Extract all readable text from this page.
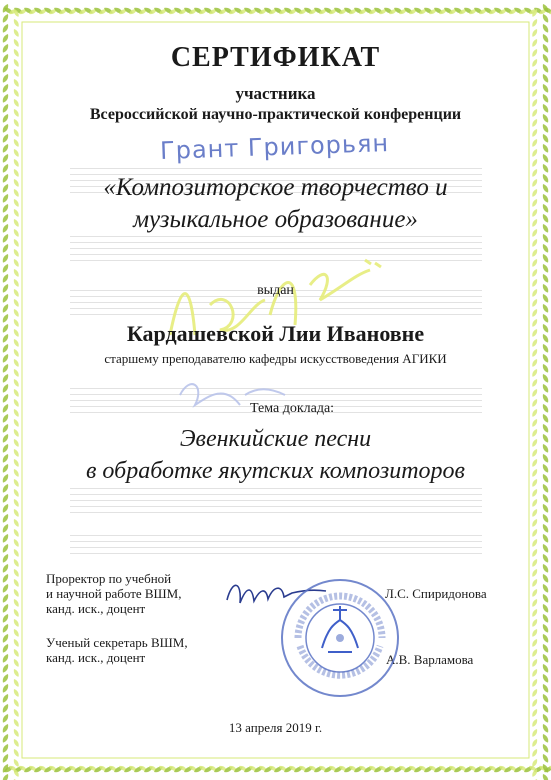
СЕРТИФИКАТ
участника
Всероссийской научно-практической конференции
Грант Григорьян
«Композиторское творчество и
музыкальное образование»
выдан
Кардашевской Лии Ивановне
старшему преподавателю кафедры искусствоведения АГИКИ
Тема доклада:
Эвенкийские песни
в обработке якутских композиторов
Проректор по учебной
и научной работе ВШМ,
канд. иск., доцент
Л.С. Спиридонова
Ученый секретарь ВШМ,
канд. иск., доцент	А.В. Варламова
13 апреля 2019 г.
